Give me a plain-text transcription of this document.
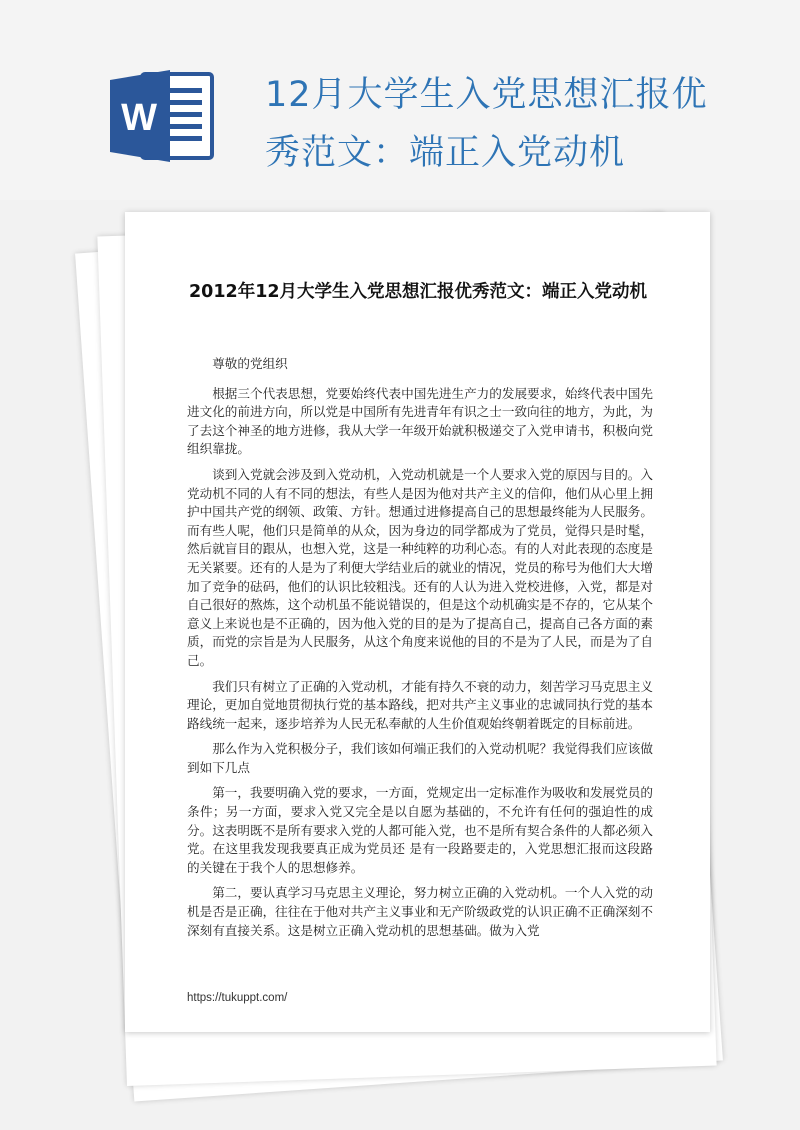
W
12月大学生入党思想汇报优
秀范文：端正入党动机
2012年12月大学生入党思想汇报优秀范文：端正入党动机

尊敬的党组织

根据三个代表思想，党要始终代表中国先进生产力的发展要求，始终代表中国先进文化的前进方向，所以党是中国所有先进青年有识之士一致向往的地方，为此，为了去这个神圣的地方进修，我从大学一年级开始就积极递交了入党申请书，积极向党组织靠拢。

谈到入党就会涉及到入党动机，入党动机就是一个人要求入党的原因与目的。入党动机不同的人有不同的想法，有些人是因为他对共产主义的信仰，他们从心里上拥护中国共产党的纲领、政策、方针。想通过进修提高自己的思想最终能为人民服务。而有些人呢，他们只是简单的从众，因为身边的同学都成为了党员，觉得只是时髦，然后就盲目的跟从，也想入党，这是一种纯粹的功利心态。有的人对此表现的态度是无关紧要。还有的人是为了利便大学结业后的就业的情况，党员的称号为他们大大增加了竞争的砝码，他们的认识比较粗浅。还有的人认为进入党校进修，入党，都是对自己很好的熬炼，这个动机虽不能说错误的，但是这个动机确实是不存的，它从某个意义上来说也是不正确的，因为他入党的目的是为了提高自己，提高自己各方面的素质，而党的宗旨是为人民服务，从这个角度来说他的目的不是为了人民，而是为了自己。

我们只有树立了正确的入党动机，才能有持久不衰的动力，刻苦学习马克思主义理论，更加自觉地贯彻执行党的基本路线，把对共产主义事业的忠诚同执行党的基本路线统一起来，逐步培养为人民无私奉献的人生价值观始终朝着既定的目标前进。

那么作为入党积极分子，我们该如何端正我们的入党动机呢？我觉得我们应该做到如下几点

第一，我要明确入党的要求，一方面，党规定出一定标准作为吸收和发展党员的条件；另一方面，要求入党又完全是以自愿为基础的，不允许有任何的强迫性的成分。这表明既不是所有要求入党的人都可能入党，也不是所有契合条件的人都必须入党。在这里我发现我要真正成为党员还 是有一段路要走的，入党思想汇报而这段路的关键在于我个人的思想修养。

第二，要认真学习马克思主义理论，努力树立正确的入党动机。一个人入党的动机是否是正确，往往在于他对共产主义事业和无产阶级政党的认识正确不正确深刻不深刻有直接关系。这是树立正确入党动机的思想基础。做为入党

https://tukuppt.com/
